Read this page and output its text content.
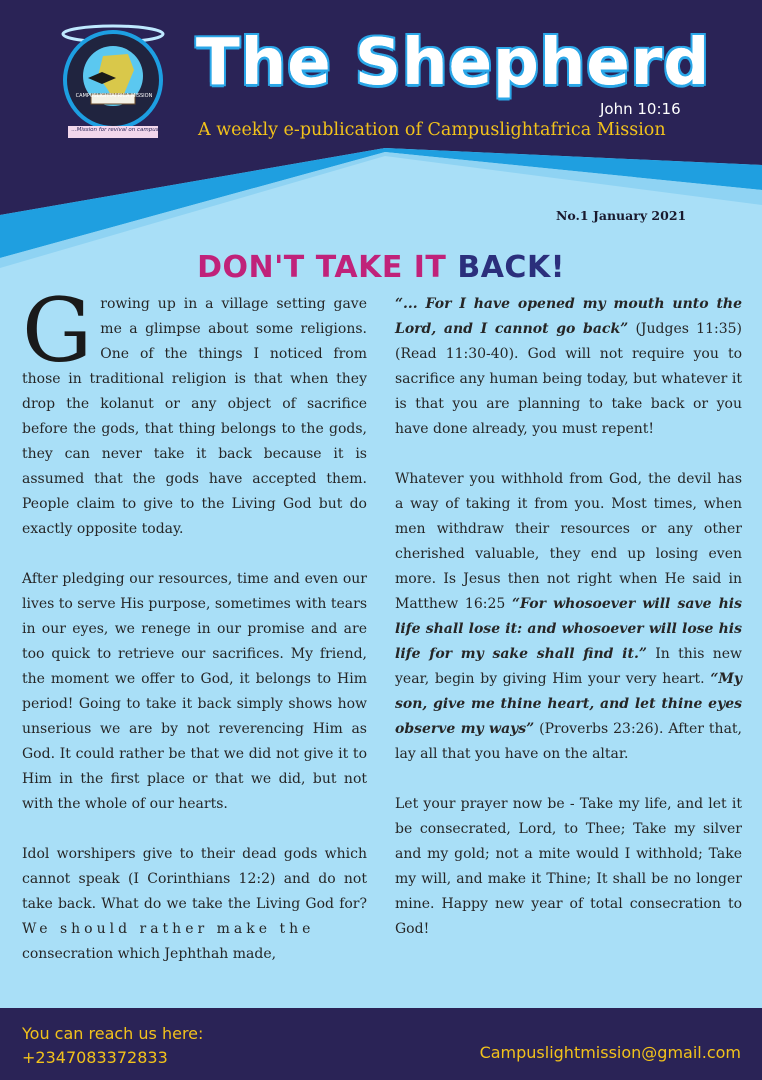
CAMPUSLIGHTAFRICA MISSION
...Mission for revival on campus
The Shepherd
John 10:16
A weekly e-publication of Campuslightafrica Mission
No.1 January 2021
DON'T TAKE IT BACK!

Growing up in a village setting gave me a glimpse about some religions. One of the things I noticed from those in traditional religion is that when they drop the kolanut or any object of sacrifice before the gods, that thing belongs to the gods, they can never take it back because it is assumed that the gods have accepted them. People claim to give to the Living God but do exactly opposite today.

After pledging our resources, time and even our lives to serve His purpose, sometimes with tears in our eyes, we renege in our promise and are too quick to retrieve our sacrifices. My friend, the moment we offer to God, it belongs to Him period! Going to take it back simply shows how unserious we are by not reverencing Him as God. It could rather be that we did not give it to Him in the first place or that we did, but not with the whole of our hearts.

Idol worshipers give to their dead gods which cannot speak (I Corinthians 12:2) and do not take back. What do we take the Living God for? We should rather make the
consecration which Jephthah made,

“... For I have opened my mouth unto the Lord, and I cannot go back” (Judges 11:35) (Read 11:30-40). God will not require you to sacrifice any human being today, but whatever it is that you are planning to take back or you have done already, you must repent!

Whatever you withhold from God, the devil has a way of taking it from you. Most times, when men withdraw their resources or any other cherished valuable, they end up losing even more. Is Jesus then not right when He said in Matthew 16:25 “For whosoever will save his life shall lose it: and whosoever will lose his life for my sake shall find it.” In this new year, begin by giving Him your very heart. “My son, give me thine heart, and let thine eyes observe my ways” (Proverbs 23:26). After that, lay all that you have on the altar.

Let your prayer now be - Take my life, and let it be consecrated, Lord, to Thee; Take my silver and my gold; not a mite would I withhold; Take my will, and make it Thine; It shall be no longer mine. Happy new year of total consecration to God!

You can reach us here:
+2347083372833	Campuslightmission@gmail.com
